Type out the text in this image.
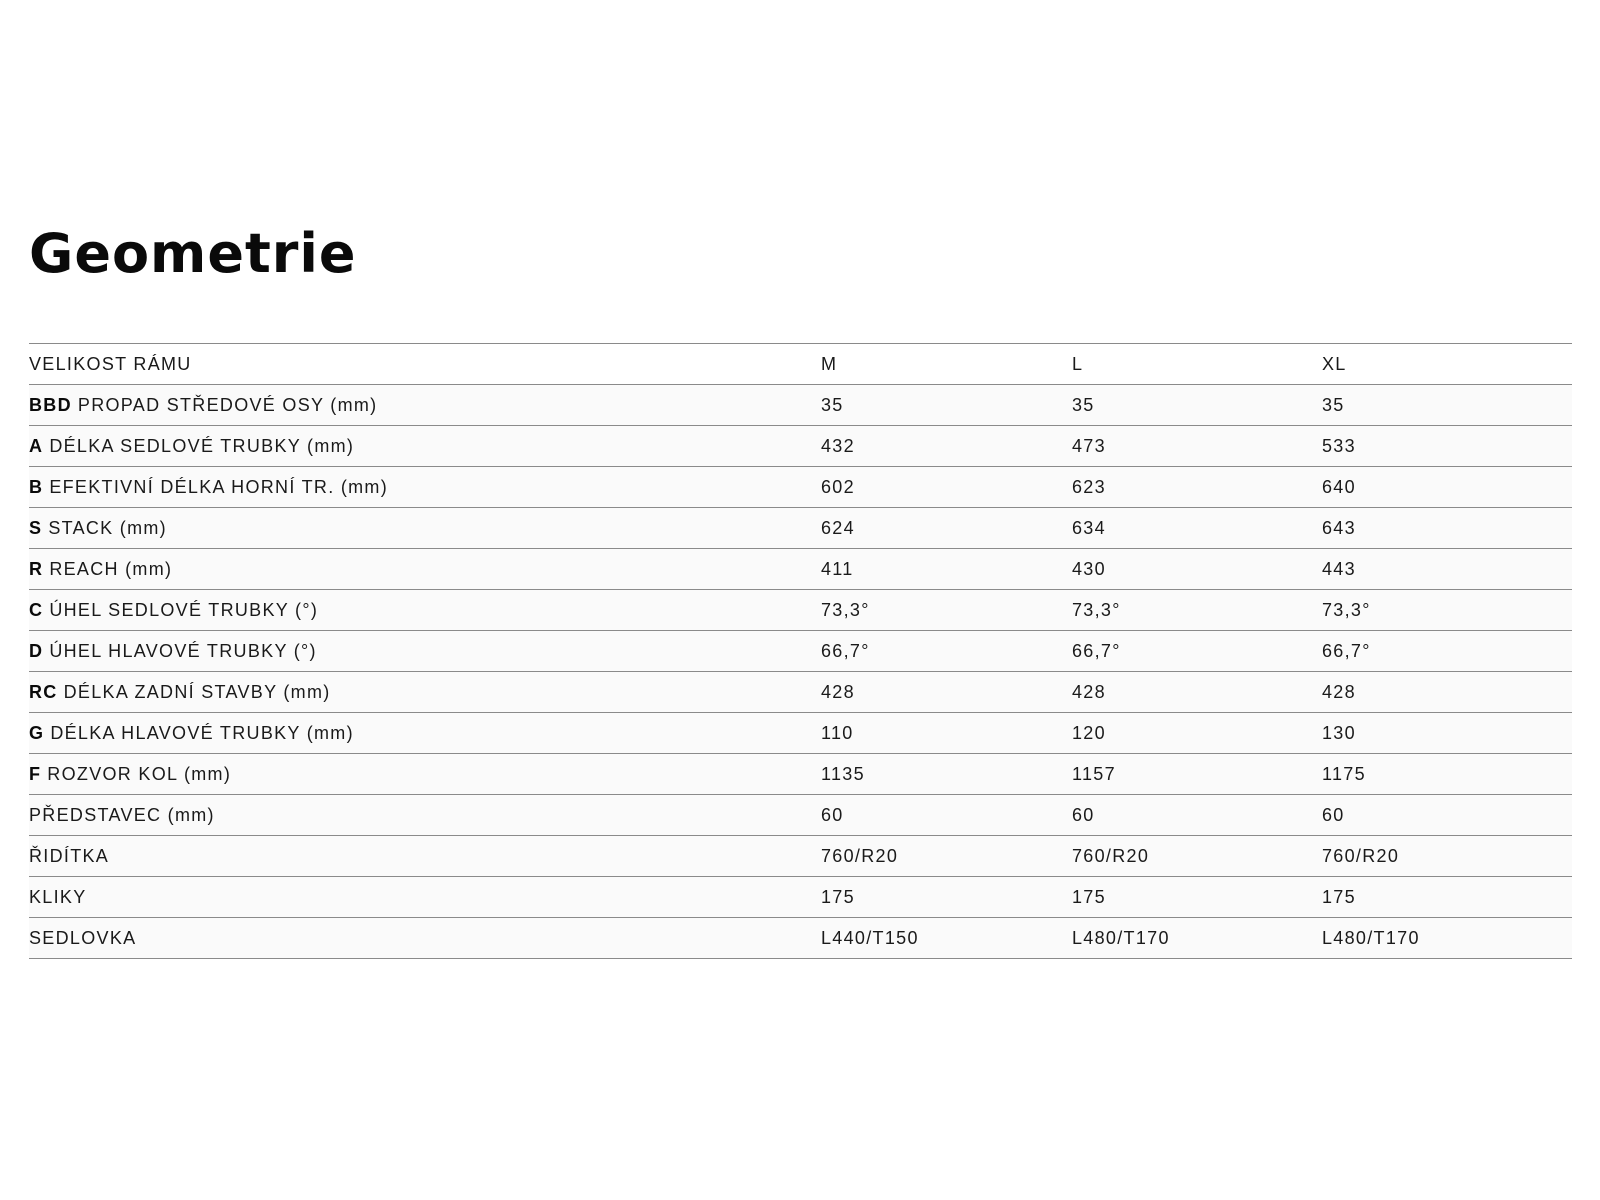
Geometrie
VELIKOST RÁMU	M	L	XL
BBD PROPAD STŘEDOVÉ OSY (mm)	35	35	35
A DÉLKA SEDLOVÉ TRUBKY (mm)	432	473	533
B EFEKTIVNÍ DÉLKA HORNÍ TR. (mm)	602	623	640
S STACK (mm)	624	634	643
R REACH (mm)	411	430	443
C ÚHEL SEDLOVÉ TRUBKY (°)	73,3°	73,3°	73,3°
D ÚHEL HLAVOVÉ TRUBKY (°)	66,7°	66,7°	66,7°
RC DÉLKA ZADNÍ STAVBY (mm)	428	428	428
G DÉLKA HLAVOVÉ TRUBKY (mm)	110	120	130
F ROZVOR KOL (mm)	1135	1157	1175
PŘEDSTAVEC (mm)	60	60	60
ŘIDÍTKA	760/R20	760/R20	760/R20
KLIKY	175	175	175
SEDLOVKA	L440/T150	L480/T170	L480/T170
